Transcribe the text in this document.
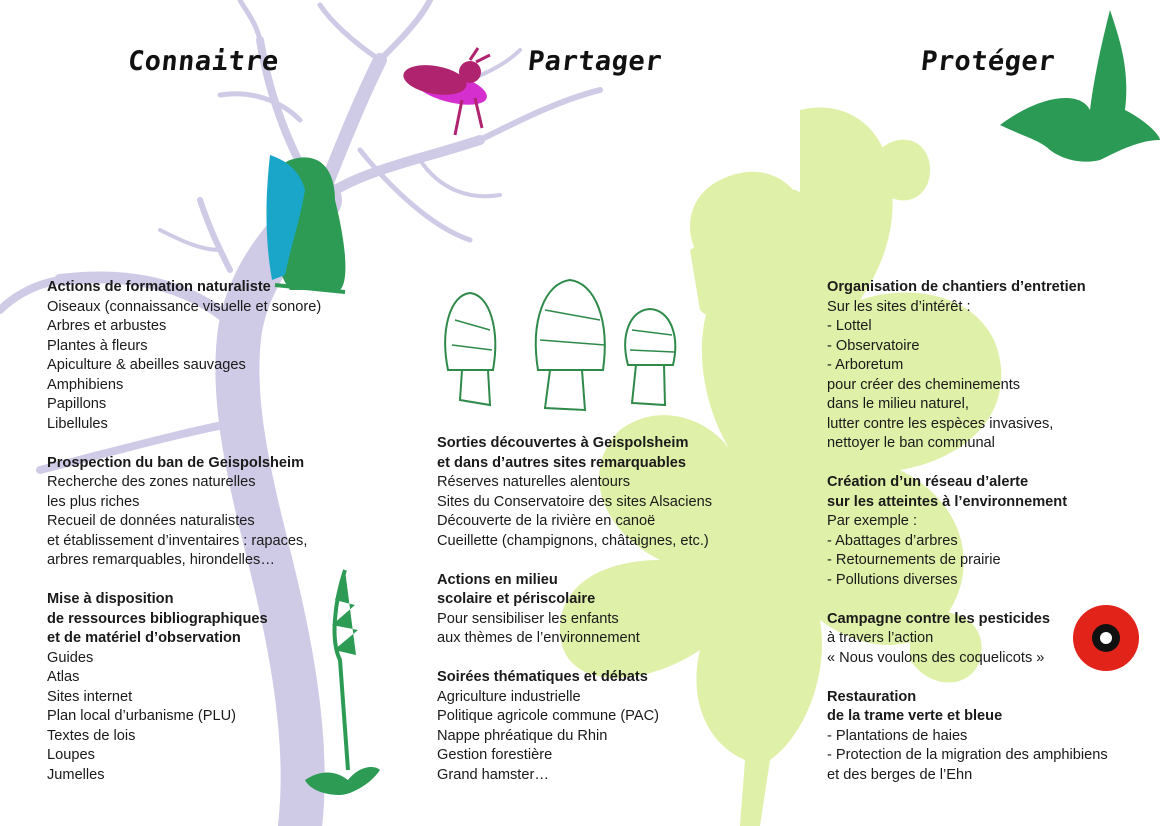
Connaitre	Partager	Protéger
Actions de formation naturaliste
Oiseaux (connaissance visuelle et sonore)
Arbres et arbustes
Plantes à fleurs
Apiculture & abeilles sauvages
Amphibiens
Papillons
Libellules
Prospection du ban de Geispolsheim
Recherche des zones naturelles
les plus riches
Recueil de données naturalistes
et établissement d’inventaires : rapaces,
arbres remarquables, hirondelles…
Mise à disposition
de ressources bibliographiques
et de matériel d’observation
Guides
Atlas
Sites internet
Plan local d’urbanisme (PLU)
Textes de lois
Loupes
Jumelles
Sorties découvertes à Geispolsheim
et dans d’autres sites remarquables
Réserves naturelles alentours
Sites du Conservatoire des sites Alsaciens
Découverte de la rivière en canoë
Cueillette (champignons, châtaignes, etc.)
Actions en milieu
scolaire et périscolaire
Pour sensibiliser les enfants
aux thèmes de l’environnement
Soirées thématiques et débats
Agriculture industrielle
Politique agricole commune (PAC)
Nappe phréatique du Rhin
Gestion forestière
Grand hamster…
Organisation de chantiers d’entretien
Sur les sites d’intérêt :
- Lottel
- Observatoire
- Arboretum
pour créer des cheminements
dans le milieu naturel,
lutter contre les espèces invasives,
nettoyer le ban communal
Création d’un réseau d’alerte
sur les atteintes à l’environnement
Par exemple :
- Abattages d’arbres
- Retournements de prairie
- Pollutions diverses
Campagne contre les pesticides
à travers l’action
« Nous voulons des coquelicots »
Restauration
de la trame verte et bleue
- Plantations de haies
- Protection de la migration des amphibiens
et des berges de l’Ehn
